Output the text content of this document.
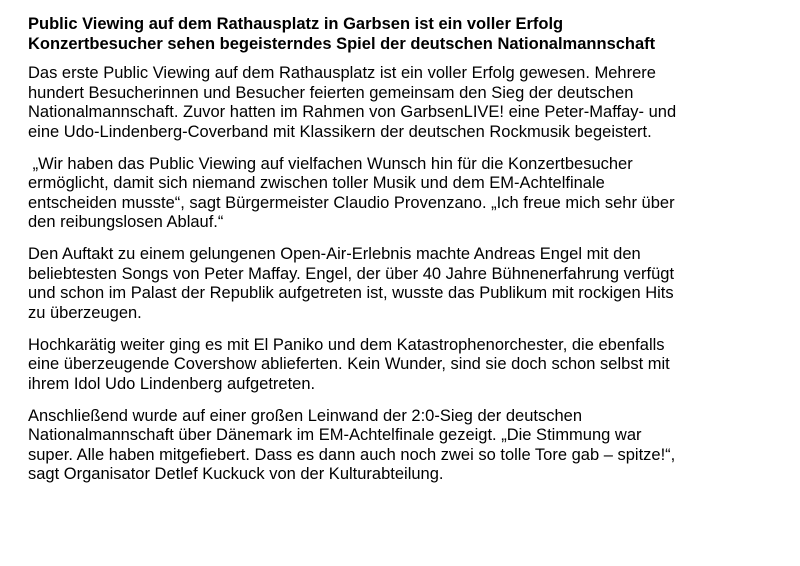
Public Viewing auf dem Rathausplatz in Garbsen ist ein voller Erfolg
Konzertbesucher sehen begeisterndes Spiel der deutschen Nationalmannschaft
Das erste Public Viewing auf dem Rathausplatz ist ein voller Erfolg gewesen. Mehrere
hundert Besucherinnen und Besucher feierten gemeinsam den Sieg der deutschen
Nationalmannschaft. Zuvor hatten im Rahmen von GarbsenLIVE! eine Peter-Maffay- und
eine Udo-Lindenberg-Coverband mit Klassikern der deutschen Rockmusik begeistert.
„Wir haben das Public Viewing auf vielfachen Wunsch hin für die Konzertbesucher
ermöglicht, damit sich niemand zwischen toller Musik und dem EM-Achtelfinale
entscheiden musste“, sagt Bürgermeister Claudio Provenzano. „Ich freue mich sehr über
den reibungslosen Ablauf.“
Den Auftakt zu einem gelungenen Open-Air-Erlebnis machte Andreas Engel mit den
beliebtesten Songs von Peter Maffay. Engel, der über 40 Jahre Bühnenerfahrung verfügt
und schon im Palast der Republik aufgetreten ist, wusste das Publikum mit rockigen Hits
zu überzeugen.
Hochkarätig weiter ging es mit El Paniko und dem Katastrophenorchester, die ebenfalls
eine überzeugende Covershow ablieferten. Kein Wunder, sind sie doch schon selbst mit
ihrem Idol Udo Lindenberg aufgetreten.
Anschließend wurde auf einer großen Leinwand der 2:0-Sieg der deutschen
Nationalmannschaft über Dänemark im EM-Achtelfinale gezeigt. „Die Stimmung war
super. Alle haben mitgefiebert. Dass es dann auch noch zwei so tolle Tore gab – spitze!“,
sagt Organisator Detlef Kuckuck von der Kulturabteilung.
